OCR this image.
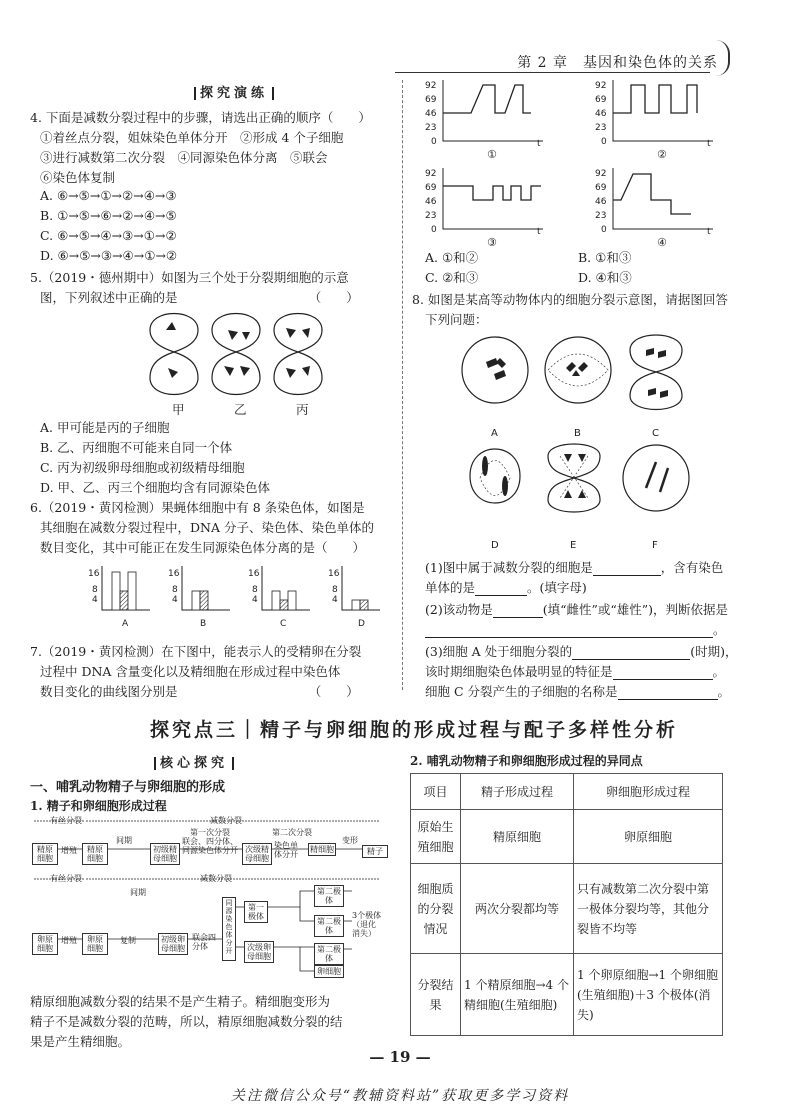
第 2 章　基因和染色体的关系
探究演练
4. 下面是减数分裂过程中的步骤，请选出正确的顺序（　　）
①着丝点分裂，姐妹染色单体分开　②形成 4 个子细胞
③进行减数第二次分裂　④同源染色体分离　⑤联会
⑥染色体复制
A. ⑥→⑤→①→②→④→③
B. ①→⑤→⑥→②→④→⑤
C. ⑥→⑤→④→③→①→②
D. ⑥→⑤→③→④→①→②
5.（2019・德州期中）如图为三个处于分裂期细胞的示意
图，下列叙述中正确的是　　　　　　　　　　　（　　）
甲	乙	丙
A. 甲可能是丙的子细胞
B. 乙、丙细胞不可能来自同一个体
C. 丙为初级卵母细胞或初级精母细胞
D. 甲、乙、丙三个细胞均含有同源染色体
6.（2019・黄冈检测）果蝇体细胞中有 8 条染色体，如图是
其细胞在减数分裂过程中，DNA 分子、染色体、染色单体的
数目变化，其中可能正在发生同源染色体分离的是（　　）
16
8
4
16
8
4
16
8
4
16
8
4
A	B	C	D
7.（2019・黄冈检测）在下图中，能表示人的受精卵在分裂
过程中 DNA 含量变化以及精细胞在形成过程中染色体
数目变化的曲线图分别是　　　　　　　　　　　（　　）
92
69
46
23
0	t
92
69
46
23
0	t
92
69
46
23
0	t
92
69
46
23
0	t
①	②
③	④
A. ①和②	B. ①和③
C. ②和③	D. ④和③
8. 如图是某高等动物体内的细胞分裂示意图，请据图回答
下列问题：
A	B	C
D	E	F
(1)图中属于减数分裂的细胞是	，含有染色
单体的是	。(填字母)
(2)该动物是	(填“雌性”或“雄性”)，判断依据是
。
(3)细胞 A 处于细胞分裂的	(时期)，
该时期细胞染色体最明显的特征是	。
细胞 C 分裂产生的子细胞的名称是	。
探究点三｜精子与卵细胞的形成过程与配子多样性分析
核心探究
一、哺乳动物精子与卵细胞的形成
1. 精子和卵细胞形成过程
精原细胞
增殖	精原细胞
间期
初级精母细胞
联会、四分体、同源染色体分开 次级精母细胞
染色单体分开
精细胞
变形
精子
有丝分裂	减数分裂
第一次分裂	第二次分裂
有丝分裂	减数分裂
间期
卵原细胞
增殖	卵原细胞
复制	初级卵母细胞
联会四分体
同源染色体分开
第一极体
次级卵母细胞
第二极体
第二极体
第二极体
卵细胞
3个极体（退化消失）
精原细胞减数分裂的结果不是产生精子。精细胞变形为
精子不是减数分裂的范畴，所以，精原细胞减数分裂的结
果是产生精细胞。
2. 哺乳动物精子和卵细胞形成过程的异同点
项目	精子形成过程	卵细胞形成过程
原始生殖细胞	精原细胞	卵原细胞
细胞质的分裂情况	两次分裂都均等	只有减数第二次分裂中第一极体分裂均等，其他分裂皆不均等
分裂结果	1 个精原细胞→4 个精细胞(生殖细胞)	1 个卵原细胞→1 个卵细胞(生殖细胞)＋3 个极体(消失)
— 19 —
关注微信公众号“教辅资料站”获取更多学习资料
